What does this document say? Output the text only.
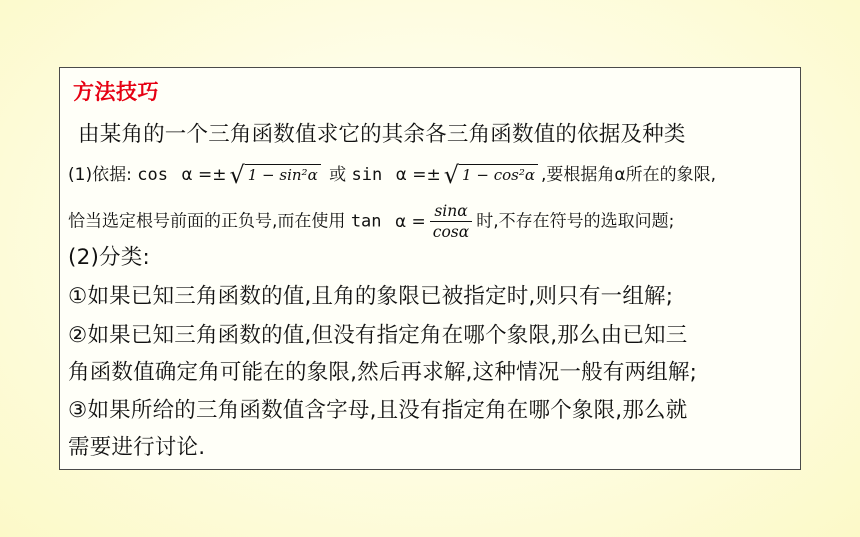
方法技巧
由某角的一个三角函数值求它的其余各三角函数值的依据及种类
(1)依据: cos α =± √ 1 − sin²α 或 sin α =± √ 1 − cos²α ,要根据角α所在的象限,
恰当选定根号前面的正负号,而在使用 $\tan \alpha = \frac{\sin\alpha}{\cos\alpha}$ 时,不存在符号的选取问题;
(2)分类:
①如果已知三角函数的值,且角的象限已被指定时,则只有一组解;
②如果已知三角函数的值,但没有指定角在哪个象限,那么由已知三
角函数值确定角可能在的象限,然后再求解,这种情况一般有两组解;
③如果所给的三角函数值含字母,且没有指定角在哪个象限,那么就
需要进行讨论.
